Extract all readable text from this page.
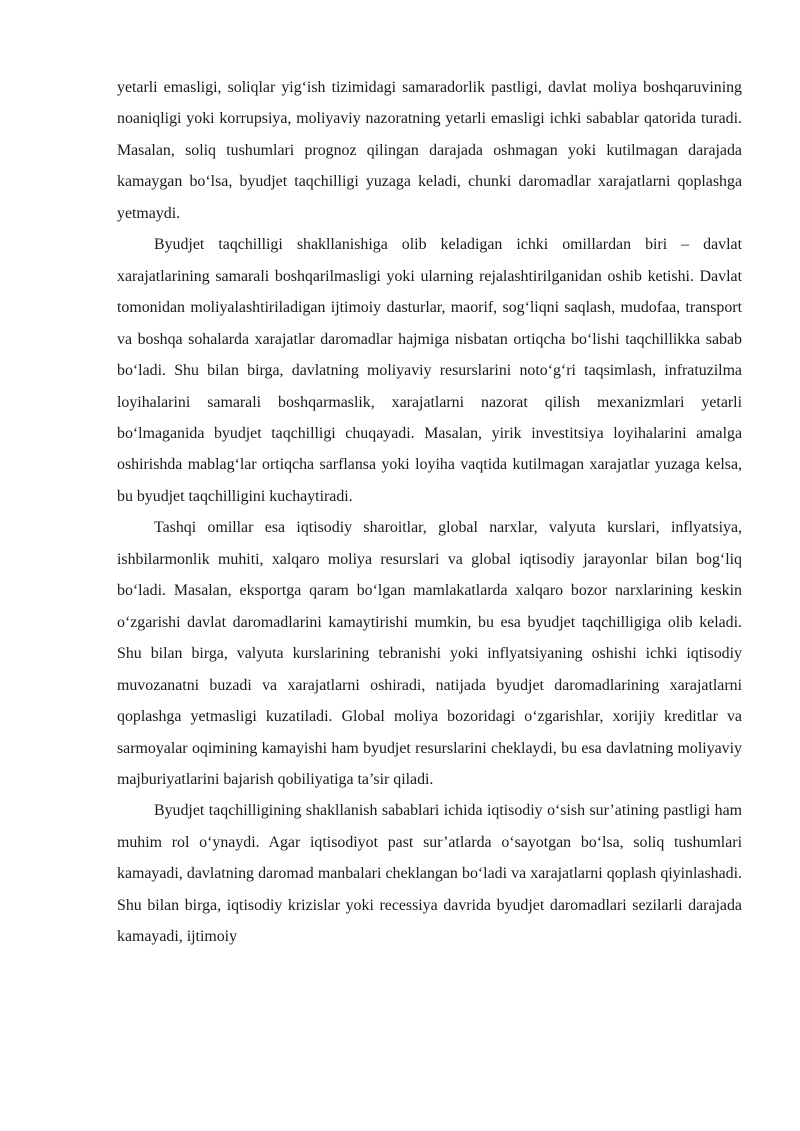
yetarli emasligi, soliqlar yig‘ish tizimidagi samaradorlik pastligi, davlat moliya boshqaruvining noaniqligi yoki korrupsiya, moliyaviy nazoratning yetarli emasligi ichki sabablar qatorida turadi. Masalan, soliq tushumlari prognoz qilingan darajada oshmagan yoki kutilmagan darajada kamaygan bo‘lsa, byudjet taqchilligi yuzaga keladi, chunki daromadlar xarajatlarni qoplashga yetmaydi.

Byudjet taqchilligi shakllanishiga olib keladigan ichki omillardan biri – davlat xarajatlarining samarali boshqarilmasligi yoki ularning rejalashtirilganidan oshib ketishi. Davlat tomonidan moliyalashtiriladigan ijtimoiy dasturlar, maorif, sog‘liqni saqlash, mudofaa, transport va boshqa sohalarda xarajatlar daromadlar hajmiga nisbatan ortiqcha bo‘lishi taqchillikka sabab bo‘ladi. Shu bilan birga, davlatning moliyaviy resurslarini noto‘g‘ri taqsimlash, infratuzilma loyihalarini samarali boshqarmaslik, xarajatlarni nazorat qilish mexanizmlari yetarli bo‘lmaganida byudjet taqchilligi chuqayadi. Masalan, yirik investitsiya loyihalarini amalga oshirishda mablag‘lar ortiqcha sarflansa yoki loyiha vaqtida kutilmagan xarajatlar yuzaga kelsa, bu byudjet taqchilligini kuchaytiradi.

Tashqi omillar esa iqtisodiy sharoitlar, global narxlar, valyuta kurslari, inflyatsiya, ishbilarmonlik muhiti, xalqaro moliya resurslari va global iqtisodiy jarayonlar bilan bog‘liq bo‘ladi. Masalan, eksportga qaram bo‘lgan mamlakatlarda xalqaro bozor narxlarining keskin o‘zgarishi davlat daromadlarini kamaytirishi mumkin, bu esa byudjet taqchilligiga olib keladi. Shu bilan birga, valyuta kurslarining tebranishi yoki inflyatsiyaning oshishi ichki iqtisodiy muvozanatni buzadi va xarajatlarni oshiradi, natijada byudjet daromadlarining xarajatlarni qoplashga yetmasligi kuzatiladi. Global moliya bozoridagi o‘zgarishlar, xorijiy kreditlar va sarmoyalar oqimining kamayishi ham byudjet resurslarini cheklaydi, bu esa davlatning moliyaviy majburiyatlarini bajarish qobiliyatiga ta’sir qiladi.

Byudjet taqchilligining shakllanish sabablari ichida iqtisodiy o‘sish sur’atining pastligi ham muhim rol o‘ynaydi. Agar iqtisodiyot past sur’atlarda o‘sayotgan bo‘lsa, soliq tushumlari kamayadi, davlatning daromad manbalari cheklangan bo‘ladi va xarajatlarni qoplash qiyinlashadi. Shu bilan birga, iqtisodiy krizislar yoki recessiya davrida byudjet daromadlari sezilarli darajada kamayadi, ijtimoiy
